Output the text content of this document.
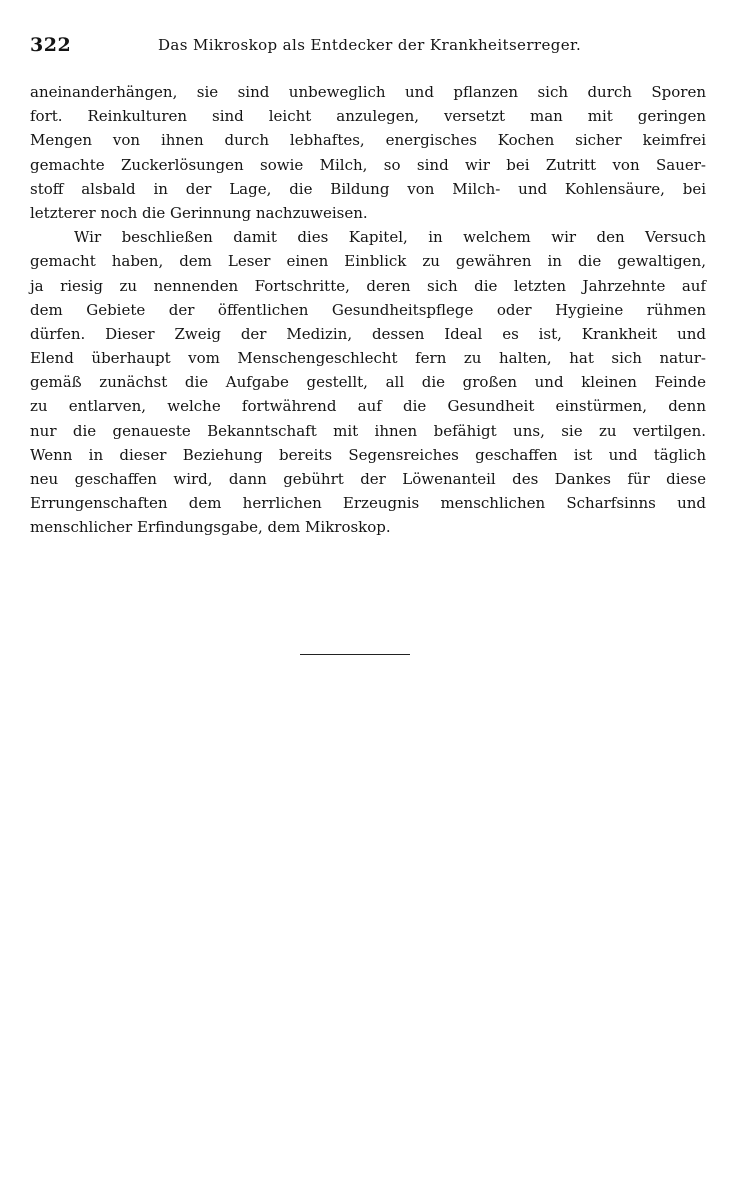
322	Das Mikroskop als Entdecker der Krankheitserreger.
aneinanderhängen, sie sind unbeweglich und pflanzen sich durch Sporen
fort. Reinkulturen sind leicht anzulegen, versetzt man mit geringen
Mengen von ihnen durch lebhaftes, energisches Kochen sicher keimfrei
gemachte Zuckerlösungen sowie Milch, so sind wir bei Zutritt von Sauer-
stoff alsbald in der Lage, die Bildung von Milch- und Kohlensäure, bei
letzterer noch die Gerinnung nachzuweisen.
Wir beschließen damit dies Kapitel, in welchem wir den Versuch
gemacht haben, dem Leser einen Einblick zu gewähren in die gewaltigen,
ja riesig zu nennenden Fortschritte, deren sich die letzten Jahrzehnte auf
dem Gebiete der öffentlichen Gesundheitspflege oder Hygieine rühmen
dürfen. Dieser Zweig der Medizin, dessen Ideal es ist, Krankheit und
Elend überhaupt vom Menschengeschlecht fern zu halten, hat sich natur-
gemäß zunächst die Aufgabe gestellt, all die großen und kleinen Feinde
zu entlarven, welche fortwährend auf die Gesundheit einstürmen, denn
nur die genaueste Bekanntschaft mit ihnen befähigt uns, sie zu vertilgen.
Wenn in dieser Beziehung bereits Segensreiches geschaffen ist und täglich
neu geschaffen wird, dann gebührt der Löwenanteil des Dankes für diese
Errungenschaften dem herrlichen Erzeugnis menschlichen Scharfsinns und
menschlicher Erfindungsgabe, dem Mikroskop.
